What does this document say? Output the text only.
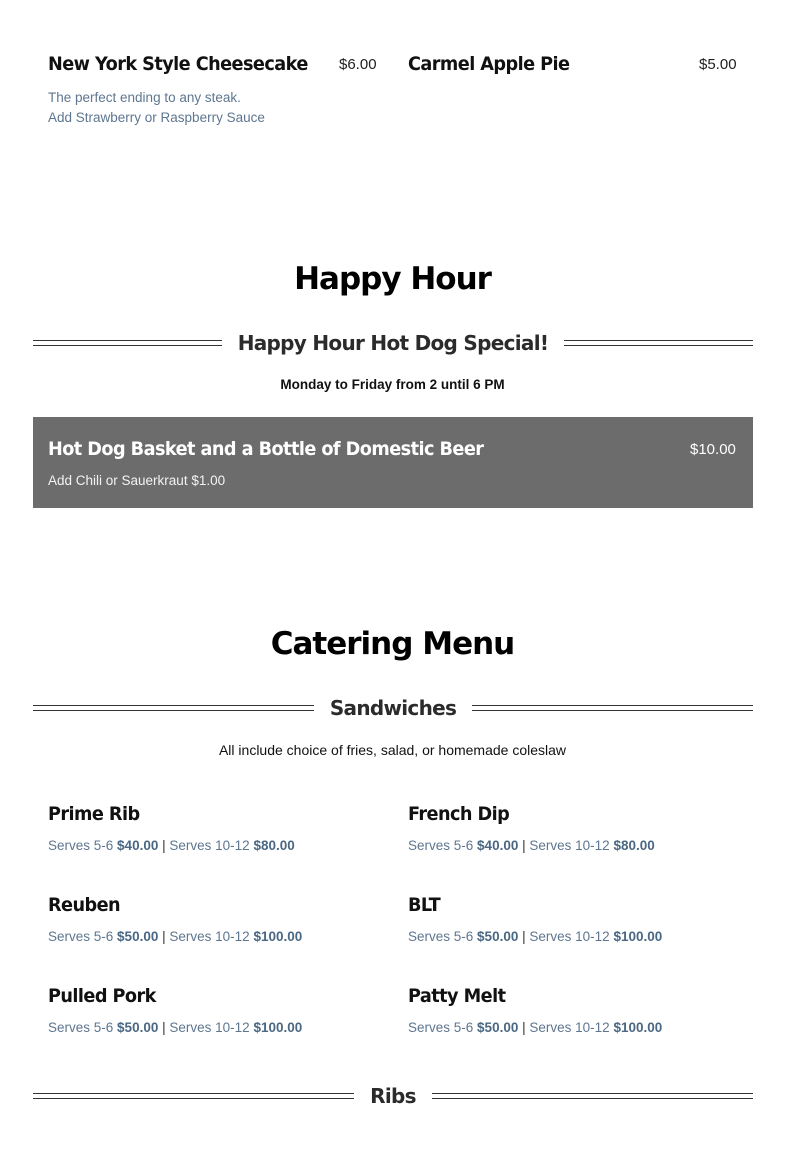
New York Style Cheesecake $6.00
The perfect ending to any steak.
Add Strawberry or Raspberry Sauce
Carmel Apple Pie	$5.00
Happy Hour
Happy Hour Hot Dog Special!
Monday to Friday from 2 until 6 PM
Hot Dog Basket and a Bottle of Domestic Beer	$10.00
Add Chili or Sauerkraut $1.00
Catering Menu
Sandwiches
All include choice of fries, salad, or homemade coleslaw
Prime Rib
Serves 5-6 $40.00 | Serves 10-12 $80.00
French Dip
Serves 5-6 $40.00 | Serves 10-12 $80.00
Reuben
Serves 5-6 $50.00 | Serves 10-12 $100.00
BLT
Serves 5-6 $50.00 | Serves 10-12 $100.00
Pulled Pork
Serves 5-6 $50.00 | Serves 10-12 $100.00
Patty Melt
Serves 5-6 $50.00 | Serves 10-12 $100.00
Ribs
